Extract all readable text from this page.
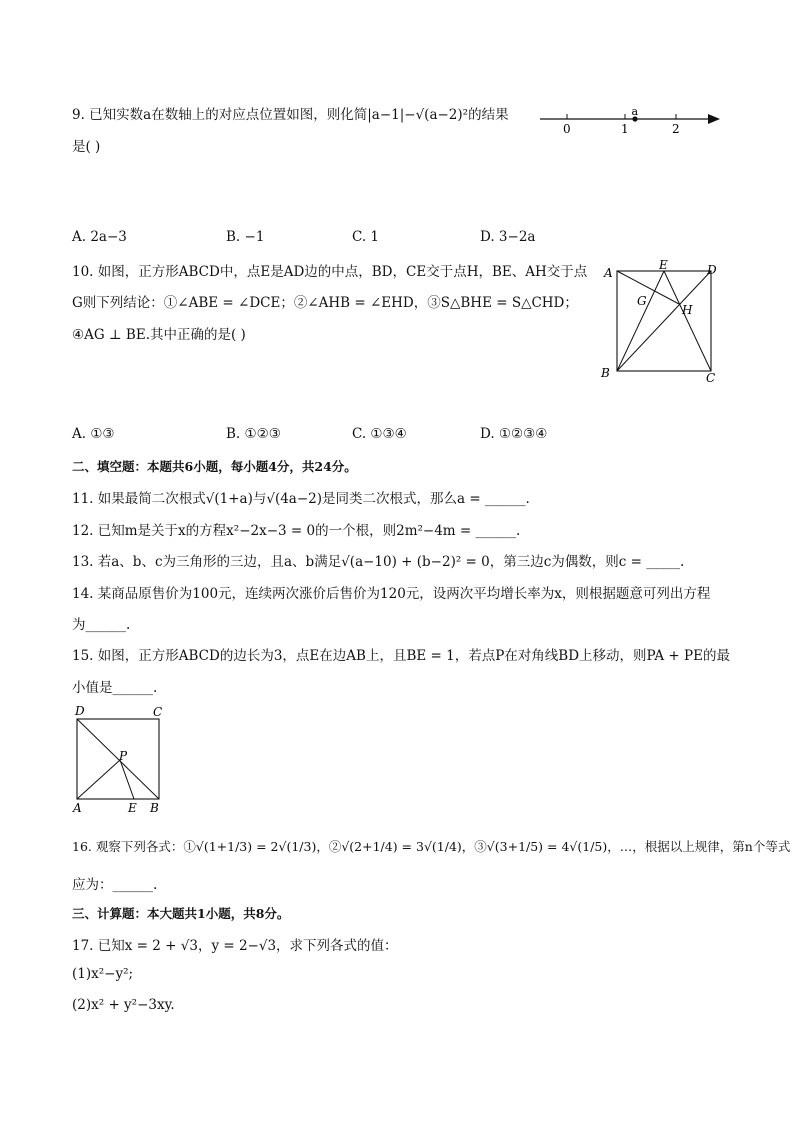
9. 已知实数a在数轴上的对应点位置如图，则化简|a−1|−√(a−2)²的结果
是( )
a
0	1	2
A. 2a−3	B. −1	C. 1	D. 3−2a
10. 如图，正方形ABCD中，点E是AD边的中点，BD，CE交于点H，BE、AH交于点
G则下列结论：①∠ABE = ∠DCE；②∠AHB = ∠EHD，③S△BHE = S△CHD；
④AG ⊥ BE.其中正确的是( )
A
E	D
G
H
B	C
A. ①③	B. ①②③	C. ①③④	D. ①②③④
二、填空题：本题共6小题，每小题4分，共24分。
11. 如果最简二次根式√(1+a)与√(4a−2)是同类二次根式，那么a = ______.
12. 已知m是关于x的方程x²−2x−3 = 0的一个根，则2m²−4m = ______.
13. 若a、b、c为三角形的三边，且a、b满足√(a−10) + (b−2)² = 0，第三边c为偶数，则c = _____.
14. 某商品原售价为100元，连续两次涨价后售价为120元，设两次平均增长率为x，则根据题意可列出方程
为______.
15. 如图，正方形ABCD的边长为3，点E在边AB上，且BE = 1，若点P在对角线BD上移动，则PA + PE的最
小值是______.
D	C
P
A	E B
16. 观察下列各式：①√(1+1/3) = 2√(1/3)，②√(2+1/4) = 3√(1/4)，③√(3+1/5) = 4√(1/5)，…，根据以上规律，第n个等式
应为：______.
三、计算题：本大题共1小题，共8分。
17. 已知x = 2 + √3，y = 2−√3，求下列各式的值：
(1)x²−y²;
(2)x² + y²−3xy.
